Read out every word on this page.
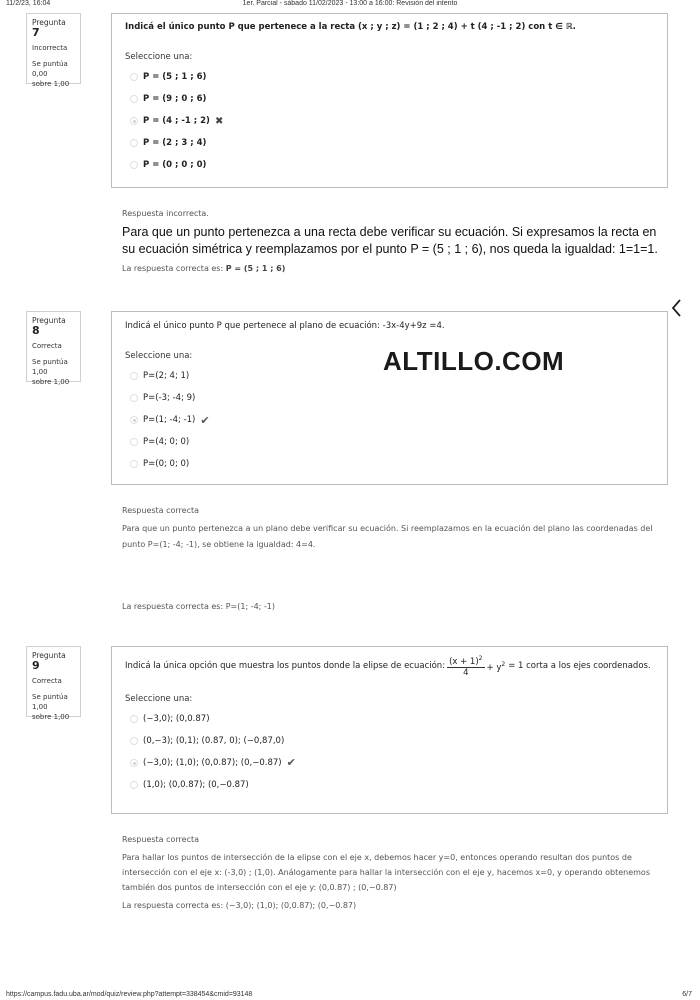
11/2/23, 16:04	1er. Parcial - sábado 11/02/2023 - 13:00 a 16:00: Revisión del intento
Pregunta 7
Incorrecta
Se puntúa 0,00
sobre 1,00
Indicá el único punto P que pertenece a la recta (x ; y ; z) = (1 ; 2 ; 4) + t (4 ; -1 ; 2) con t ∈ ℝ.
Seleccione una:
P = (5 ; 1 ; 6)
P = (9 ; 0 ; 6)
P = (4 ; -1 ; 2) ✖
P = (2 ; 3 ; 4)
P = (0 ; 0 ; 0)
Respuesta incorrecta.
Para que un punto pertenezca a una recta debe verificar su ecuación. Si expresamos la recta en su ecuación simétrica y reemplazamos por el punto P = (5 ; 1 ; 6), nos queda la igualdad: 1=1=1.
La respuesta correcta es: P = (5 ; 1 ; 6)
Pregunta 8
Correcta
Se puntúa 1,00
sobre 1,00
Indicá el único punto P que pertenece al plano de ecuación: -3x-4y+9z =4.
Seleccione una:
P=(2; 4; 1)
P=(-3; -4; 9)
P=(1; -4; -1) ✔
P=(4; 0; 0)
P=(0; 0; 0)
ALTILLO.COM
Respuesta correcta
Para que un punto pertenezca a un plano debe verificar su ecuación. Si reemplazamos en la ecuación del plano las coordenadas del punto P=(1; -4; -1), se obtiene la igualdad: 4=4.
La respuesta correcta es: P=(1; -4; -1)
Pregunta 9
Correcta
Se puntúa 1,00
sobre 1,00
Indicá la única opción que muestra los puntos donde la elipse de ecuación: $\frac{(x + 1)^2}{4} + y^2 = 1$ corta a los ejes coordenados.
Seleccione una:
(−3,0); (0,0.87)
(0,−3); (0,1); (0.87, 0); (−0,87,0)
(−3,0); (1,0); (0,0.87); (0,−0.87) ✔
(1,0); (0,0.87); (0,−0.87)
Respuesta correcta
Para hallar los puntos de intersección de la elipse con el eje x, debemos hacer y=0, entonces operando resultan dos puntos de intersección con el eje x: (-3,0) ; (1,0). Análogamente para hallar la intersección con el eje y, hacemos x=0, y operando obtenemos también dos puntos de intersección con el eje y: (0,0.87) ; (0,−0.87)
La respuesta correcta es: (−3,0); (1,0); (0,0.87); (0,−0.87)
https://campus.fadu.uba.ar/mod/quiz/review.php?attempt=338454&cmid=93148	6/7
